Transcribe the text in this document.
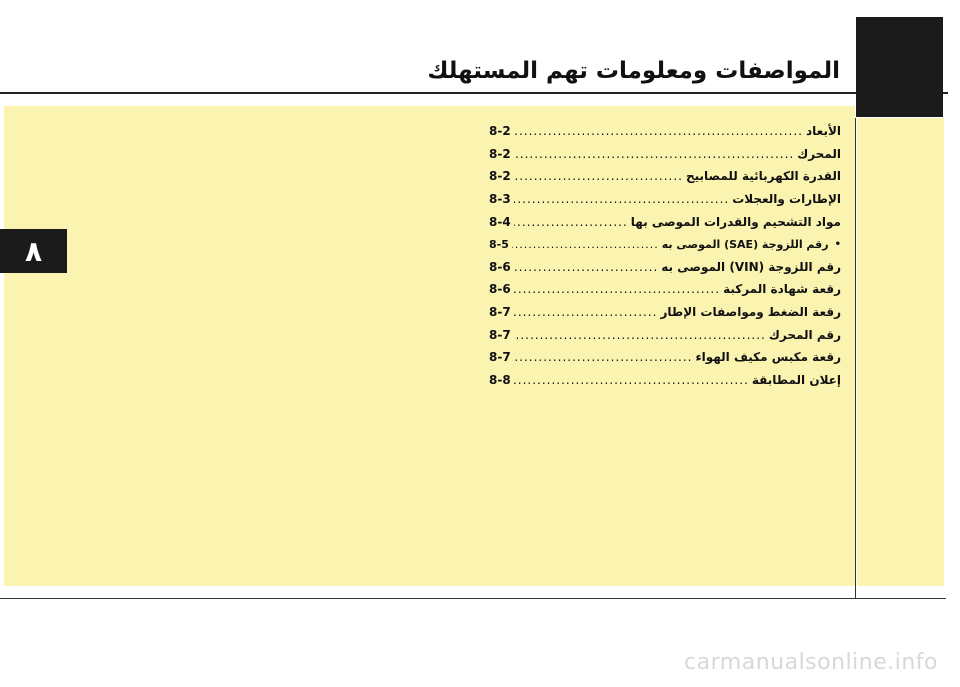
المواصفات ومعلومات تهم المستهلك
٨
الأبعاد
.....
8-2
المحرك
.....
8-2
القدرة الكهربائية للمصابيح
.....
8-2
الإطارات والعجلات
.....
8-3
مواد التشحيم والقدرات الموصى بها
.....
8-4
•
رقم اللزوجة (SAE) الموصى به
.....
8-5
رقم اللزوجة (VIN) الموصى به
.....
8-6
رقعة شهادة المركبة
.....
8-6
رقعة الضغط ومواصفات الإطار
.....
8-7
رقم المحرك
.....
8-7
رقعة مكبس مكيف الهواء
.....
8-7
إعلان المطابقة
.....
8-8
carmanualsonline.info
